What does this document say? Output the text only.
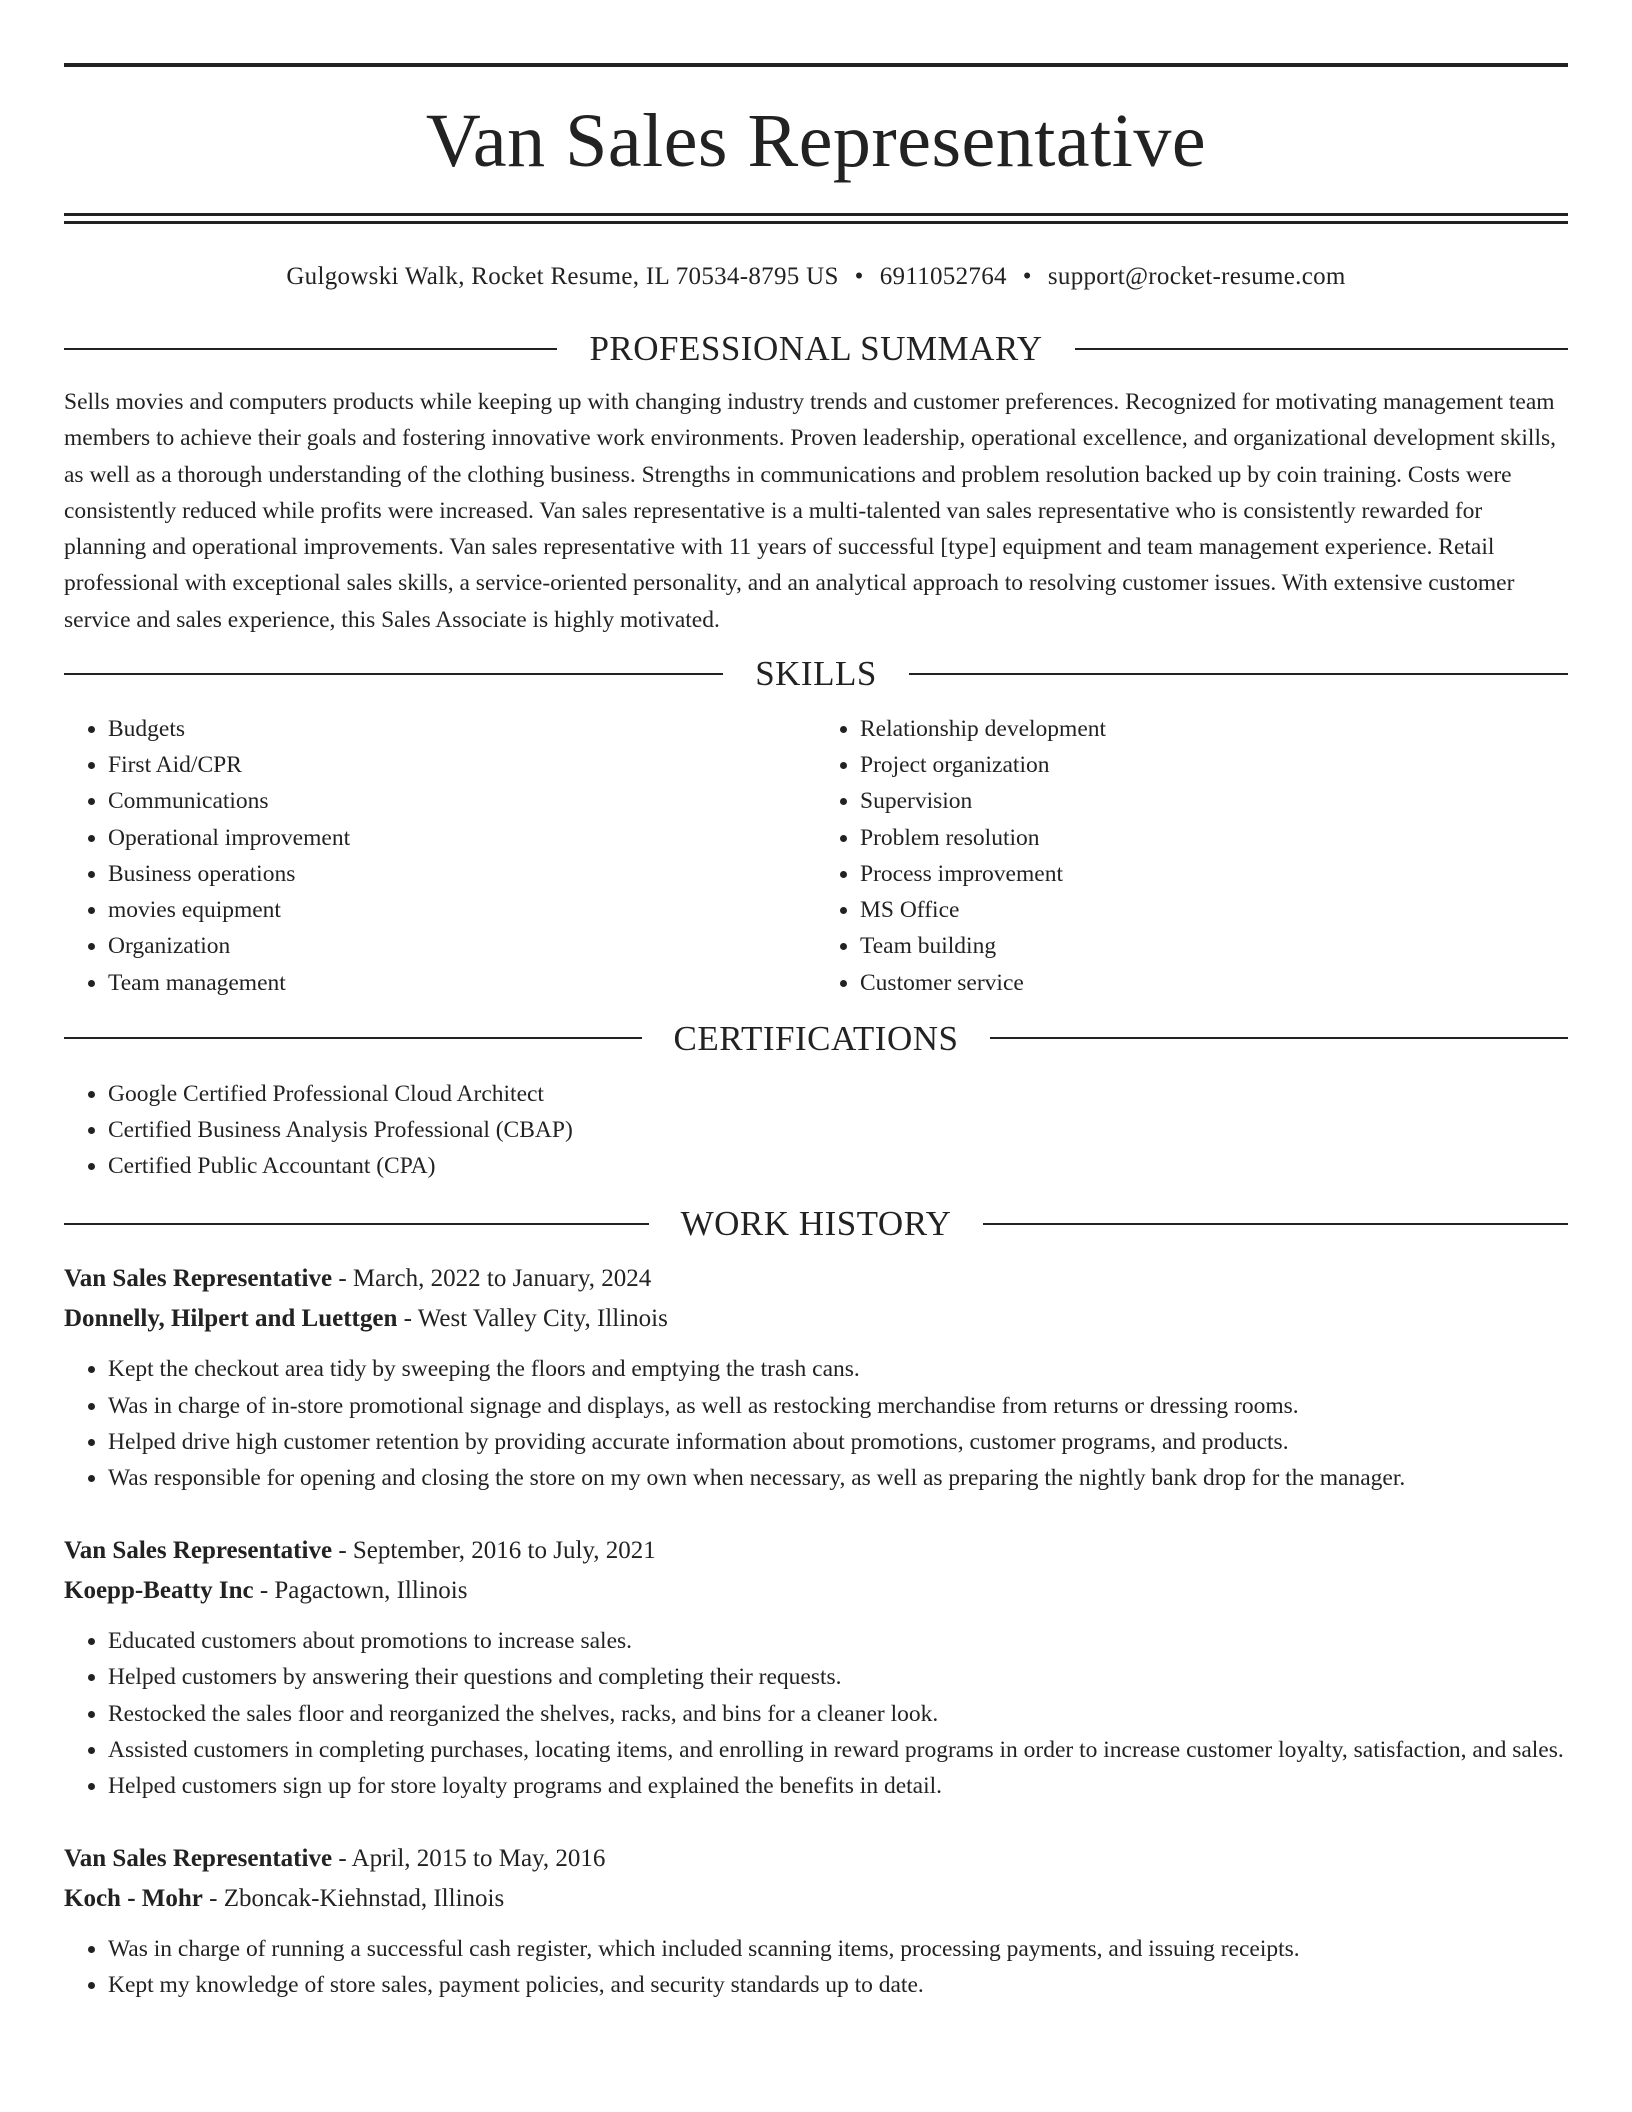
Van Sales Representative
Gulgowski Walk, Rocket Resume, IL 70534-8795 US • 6911052764 • support@rocket-resume.com
PROFESSIONAL SUMMARY

Sells movies and computers products while keeping up with changing industry trends and customer preferences. Recognized for motivating management team members to achieve their goals and fostering innovative work environments. Proven leadership, operational excellence, and organizational development skills, as well as a thorough understanding of the clothing business. Strengths in communications and problem resolution backed up by coin training. Costs were consistently reduced while profits were increased. Van sales representative is a multi-talented van sales representative who is consistently rewarded for planning and operational improvements. Van sales representative with 11 years of successful [type] equipment and team management experience. Retail professional with exceptional sales skills, a service-oriented personality, and an analytical approach to resolving customer issues. With extensive customer service and sales experience, this Sales Associate is highly motivated.

SKILLS
• Budgets
• First Aid/CPR
• Communications
• Operational improvement
• Business operations
• movies equipment
• Organization
• Team management
• Relationship development
• Project organization
• Supervision
• Problem resolution
• Process improvement
• MS Office
• Team building
• Customer service
CERTIFICATIONS
• Google Certified Professional Cloud Architect
• Certified Business Analysis Professional (CBAP)
• Certified Public Accountant (CPA)
WORK HISTORY
Van Sales Representative - March, 2022 to January, 2024
Donnelly, Hilpert and Luettgen - West Valley City, Illinois
• Kept the checkout area tidy by sweeping the floors and emptying the trash cans.
• Was in charge of in-store promotional signage and displays, as well as restocking merchandise from returns or dressing rooms.
• Helped drive high customer retention by providing accurate information about promotions, customer programs, and products.
• Was responsible for opening and closing the store on my own when necessary, as well as preparing the nightly bank drop for the manager.
Van Sales Representative - September, 2016 to July, 2021
Koepp-Beatty Inc - Pagactown, Illinois
• Educated customers about promotions to increase sales.
• Helped customers by answering their questions and completing their requests.
• Restocked the sales floor and reorganized the shelves, racks, and bins for a cleaner look.
• Assisted customers in completing purchases, locating items, and enrolling in reward programs in order to increase customer loyalty, satisfaction, and sales.
• Helped customers sign up for store loyalty programs and explained the benefits in detail.
Van Sales Representative - April, 2015 to May, 2016
Koch - Mohr - Zboncak-Kiehnstad, Illinois
• Was in charge of running a successful cash register, which included scanning items, processing payments, and issuing receipts.
• Kept my knowledge of store sales, payment policies, and security standards up to date.
